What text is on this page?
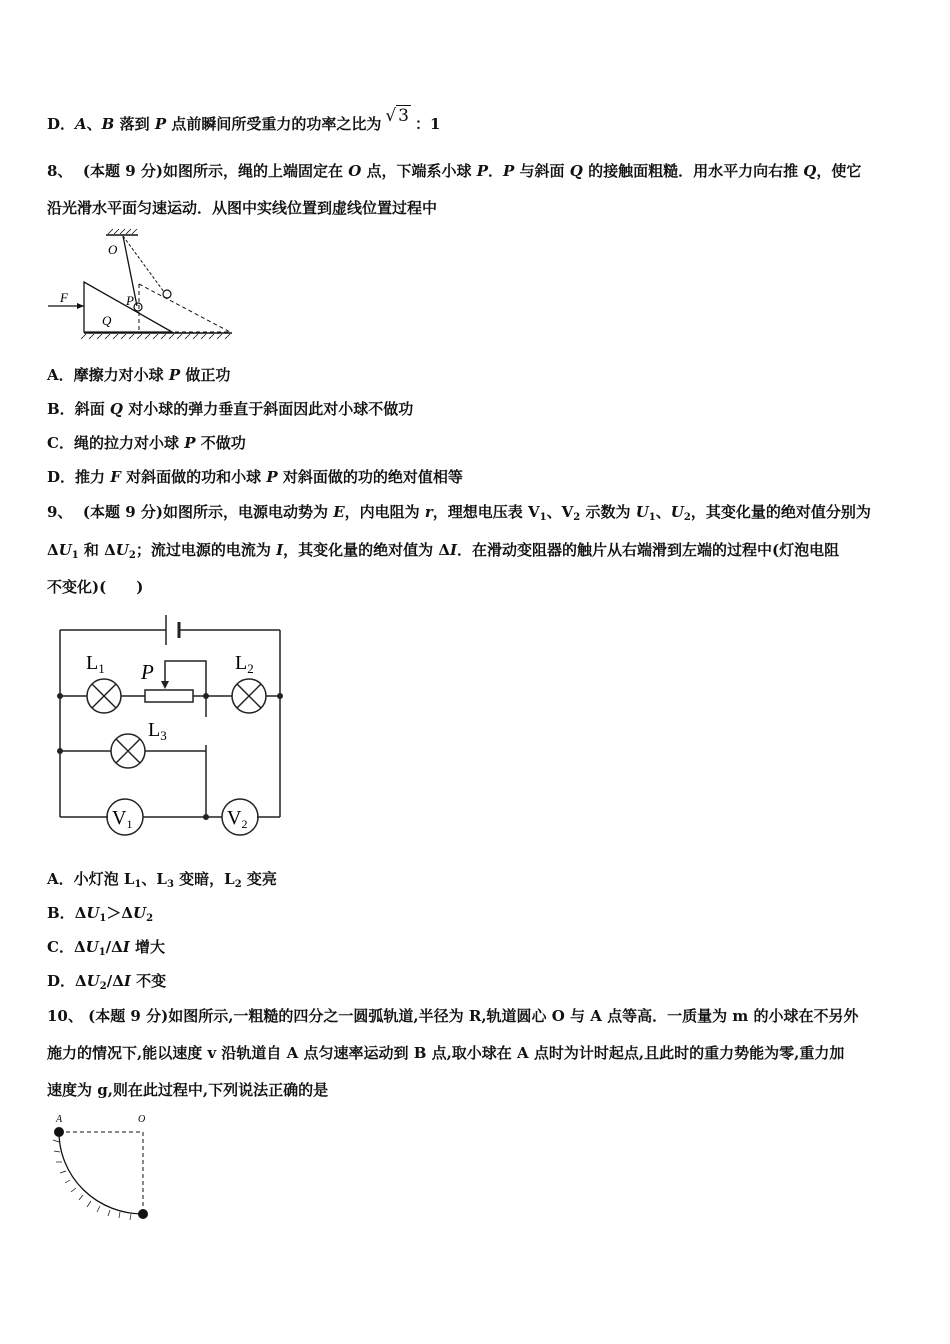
D．A、B 落到 P 点前瞬间所受重力的功率之比为 √ 3 ：1
8、 (本题 9 分)如图所示，绳的上端固定在 O 点，下端系小球 P．P 与斜面 Q 的接触面粗糙．用水平力向右推 Q，使它
沿光滑水平面匀速运动．从图中实线位置到虚线位置过程中
O
P
Q
F
A．摩擦力对小球 P 做正功
B．斜面 Q 对小球的弹力垂直于斜面因此对小球不做功
C．绳的拉力对小球 P 不做功
D．推力 F 对斜面做的功和小球 P 对斜面做的功的绝对值相等
9、 (本题 9 分)如图所示，电源电动势为 E，内电阻为 r，理想电压表 $V_1$、$V_2$ 示数为 $U_1$、$U_2$，其变化量的绝对值分别为
$\Delta U_1$ 和 $\Delta U_2$；流过电源的电流为 I，其变化量的绝对值为 ΔI．在滑动变阻器的触片从右端滑到左端的过程中(灯泡电阻
不变化)(　　)
$L_1$ P	$L_2$
$L_3$
$V_1$	$V_2$
A．小灯泡 $L_1$、$L_3$ 变暗，$L_2$ 变亮
B．$\Delta U_1>\Delta U_2$
C．$\Delta U_1/\Delta I$ 增大
D．$\Delta U_2/\Delta I$ 不变
10、 (本题 9 分)如图所示,一粗糙的四分之一圆弧轨道,半径为 R,轨道圆心 O 与 A 点等高．一质量为 m 的小球在不另外
施力的情况下,能以速度 v 沿轨道自 A 点匀速率运动到 B 点,取小球在 A 点时为计时起点,且此时的重力势能为零,重力加
速度为 g,则在此过程中,下列说法正确的是
A	O
